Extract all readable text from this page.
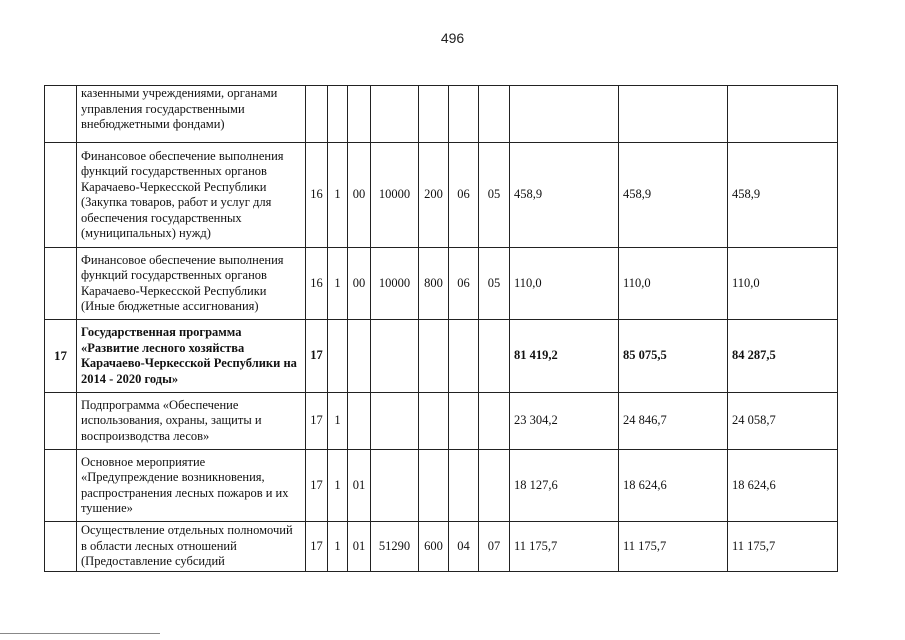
496
	казенными учреждениями, органами управления государственными внебюджетными фондами)										
	Финансовое обеспечение выполнения функций государственных органов Карачаево-Черкесской Республики (Закупка товаров, работ и услуг для обеспечения государственных (муниципальных) нужд)	16	1	00	10000	200	06	05	458,9	458,9	458,9
	Финансовое обеспечение выполнения функций государственных органов Карачаево-Черкесской Республики (Иные бюджетные ассигнования)	16	1	00	10000	800	06	05	110,0	110,0	110,0
17	Государственная программа «Развитие лесного хозяйства Карачаево-Черкесской Республики на 2014 - 2020 годы»	17							81 419,2	85 075,5	84 287,5
	Подпрограмма «Обеспечение использования, охраны, защиты и воспроизводства лесов»	17	1						23 304,2	24 846,7	24 058,7
	Основное мероприятие «Предупреждение возникновения, распространения лесных пожаров и их тушение»	17	1	01					18 127,6	18 624,6	18 624,6
	Осуществление отдельных полномочий в области лесных отношений (Предоставление субсидий	17	1	01	51290	600	04	07	11 175,7	11 175,7	11 175,7
